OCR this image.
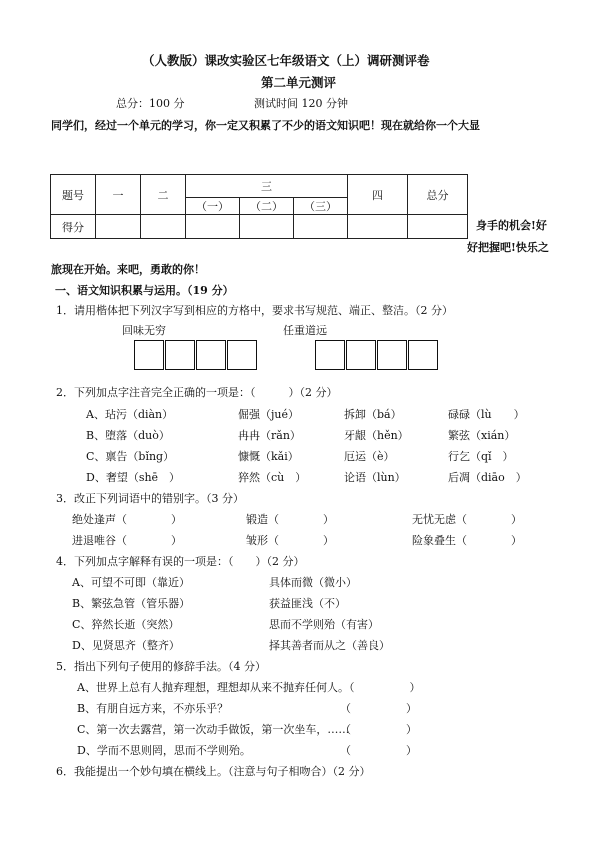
（人教版）课改实验区七年级语文（上）调研测评卷
第二单元测评
总分：100 分	测试时间 120 分钟
同学们，经过一个单元的学习，你一定又积累了不少的语文知识吧！现在就给你一个大显
题号	一	二	三			四	总分
			（一）	（二）	（三）		
得分								身手的机会!好
好把握吧!快乐之
旅现在开始。来吧，勇敢的你！
一、语文知识积累与运用。（19 分）
1．请用楷体把下列汉字写到相应的方格中，要求书写规范、端正、整洁。（2 分）
回味无穷	任重道远
2．下列加点字注音完全正确的一项是：（　　　）（2 分）
A、玷污（diàn）	倔强（jué）	拆卸（bá）	碌碌（lù　　）
B、堕落（duò）	冉冉（rǎn）	牙龈（hěn）	繁弦（xián）
C、禀告（bǐng）	慷慨（kǎi）	厄运（è）	行乞（qǐ　）
D、奢望（shē　）	猝然（cù　）	论语（lùn）	后凋（diāo　）
3．改正下列词语中的错别字。（3 分）
绝处逢声（　　　　）	锻造（　　　　）	无忧无虑（　　　　）
进退唯谷（　　　　）	皱形（　　　　）	险象叠生（　　　　）
4．下列加点字解释有误的一项是：（　　）（2 分）
A、可望不可即（靠近）	具体而微（微小）
B、繁弦急管（管乐器）	获益匪浅（不）
C、猝然长逝（突然）	思而不学则殆（有害）
D、见贤思齐（整齐）	择其善者而从之（善良）
5．指出下列句子使用的修辞手法。（4 分）
A、世界上总有人抛弃理想，理想却从来不抛弃任何人。（　　　　　）
B、有朋自远方来，不亦乐乎？	（　　　　　）
C、第一次去露营，第一次动手做饭，第一次坐车，……
（　　　　　）
D、学而不思则罔，思而不学则殆。	（　　　　　）
6．我能提出一个妙句填在横线上。（注意与句子相吻合）（2 分）
